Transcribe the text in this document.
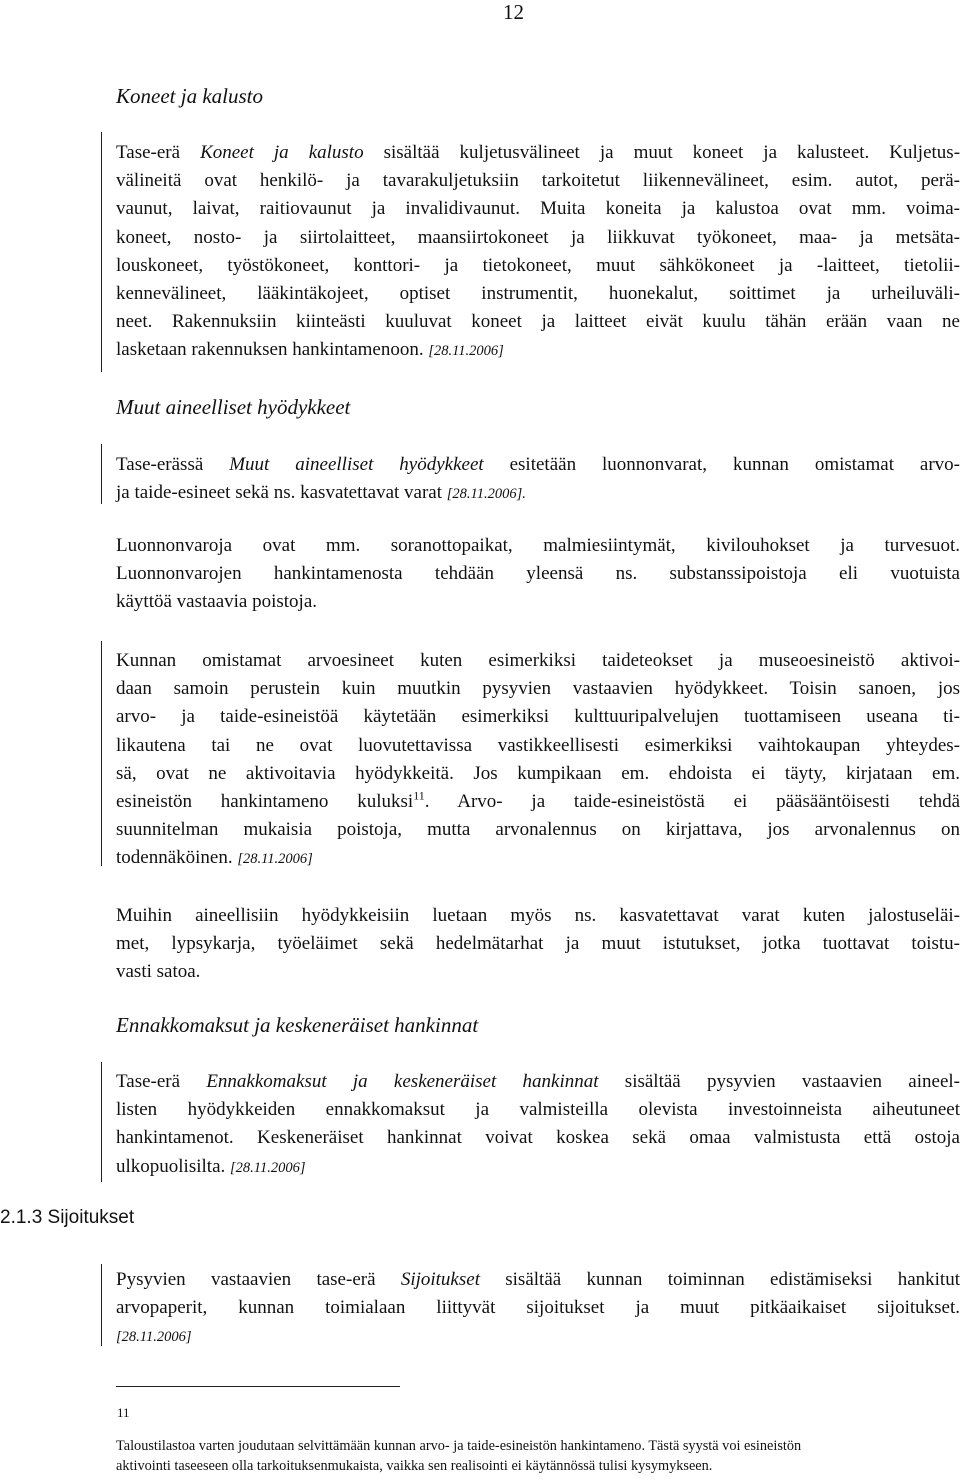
12
Koneet ja kalusto
Tase-erä Koneet ja kalusto sisältää kuljetusvälineet ja muut koneet ja kalusteet. Kuljetus-
välineitä ovat henkilö- ja tavarakuljetuksiin tarkoitetut liikennevälineet, esim. autot, perä-
vaunut, laivat, raitiovaunut ja invalidivaunut. Muita koneita ja kalustoa ovat mm. voima-
koneet, nosto- ja siirtolaitteet, maansiirtokoneet ja liikkuvat työkoneet, maa- ja metsäta-
louskoneet, työstökoneet, konttori- ja tietokoneet, muut sähkökoneet ja -laitteet, tietolii-
kennevälineet, lääkintäkojeet, optiset instrumentit, huonekalut, soittimet ja urheiluväli-
neet. Rakennuksiin kiinteästi kuuluvat koneet ja laitteet eivät kuulu tähän erään vaan ne
lasketaan rakennuksen hankintamenoon. [28.11.2006]
Muut aineelliset hyödykkeet
Tase-erässä Muut aineelliset hyödykkeet esitetään luonnonvarat, kunnan omistamat arvo-
ja taide-esineet sekä ns. kasvatettavat varat [28.11.2006].
Luonnonvaroja ovat mm. soranottopaikat, malmiesiintymät, kivilouhokset ja turvesuot.
Luonnonvarojen hankintamenosta tehdään yleensä ns. substanssipoistoja eli vuotuista
käyttöä vastaavia poistoja.
Kunnan omistamat arvoesineet kuten esimerkiksi taideteokset ja museoesineistö aktivoi-
daan samoin perustein kuin muutkin pysyvien vastaavien hyödykkeet. Toisin sanoen, jos
arvo- ja taide-esineistöä käytetään esimerkiksi kulttuuripalvelujen tuottamiseen useana ti-
likautena tai ne ovat luovutettavissa vastikkeellisesti esimerkiksi vaihtokaupan yhteydes-
sä, ovat ne aktivoitavia hyödykkeitä. Jos kumpikaan em. ehdoista ei täyty, kirjataan em.
esineistön hankintameno kuluksi$^{11}$. Arvo- ja taide-esineistöstä ei pääsääntöisesti tehdä
suunnitelman mukaisia poistoja, mutta arvonalennus on kirjattava, jos arvonalennus on
todennäköinen. [28.11.2006]
Muihin aineellisiin hyödykkeisiin luetaan myös ns. kasvatettavat varat kuten jalostuseläi-
met, lypsykarja, työeläimet sekä hedelmätarhat ja muut istutukset, jotka tuottavat toistu-
vasti satoa.
Ennakkomaksut ja keskeneräiset hankinnat
Tase-erä Ennakkomaksut ja keskeneräiset hankinnat sisältää pysyvien vastaavien aineel-
listen hyödykkeiden ennakkomaksut ja valmisteilla olevista investoinneista aiheutuneet
hankintamenot. Keskeneräiset hankinnat voivat koskea sekä omaa valmistusta että ostoja
ulkopuolisilta. [28.11.2006]
2.1.3 Sijoitukset
Pysyvien vastaavien tase-erä Sijoitukset sisältää kunnan toiminnan edistämiseksi hankitut
arvopaperit, kunnan toimialaan liittyvät sijoitukset ja muut pitkäaikaiset sijoitukset.
[28.11.2006]
11
Taloustilastoa varten joudutaan selvittämään kunnan arvo- ja taide-esineistön hankintameno. Tästä syystä voi esineistön
aktivointi taseeseen olla tarkoituksenmukaista, vaikka sen realisointi ei käytännössä tulisi kysymykseen.
